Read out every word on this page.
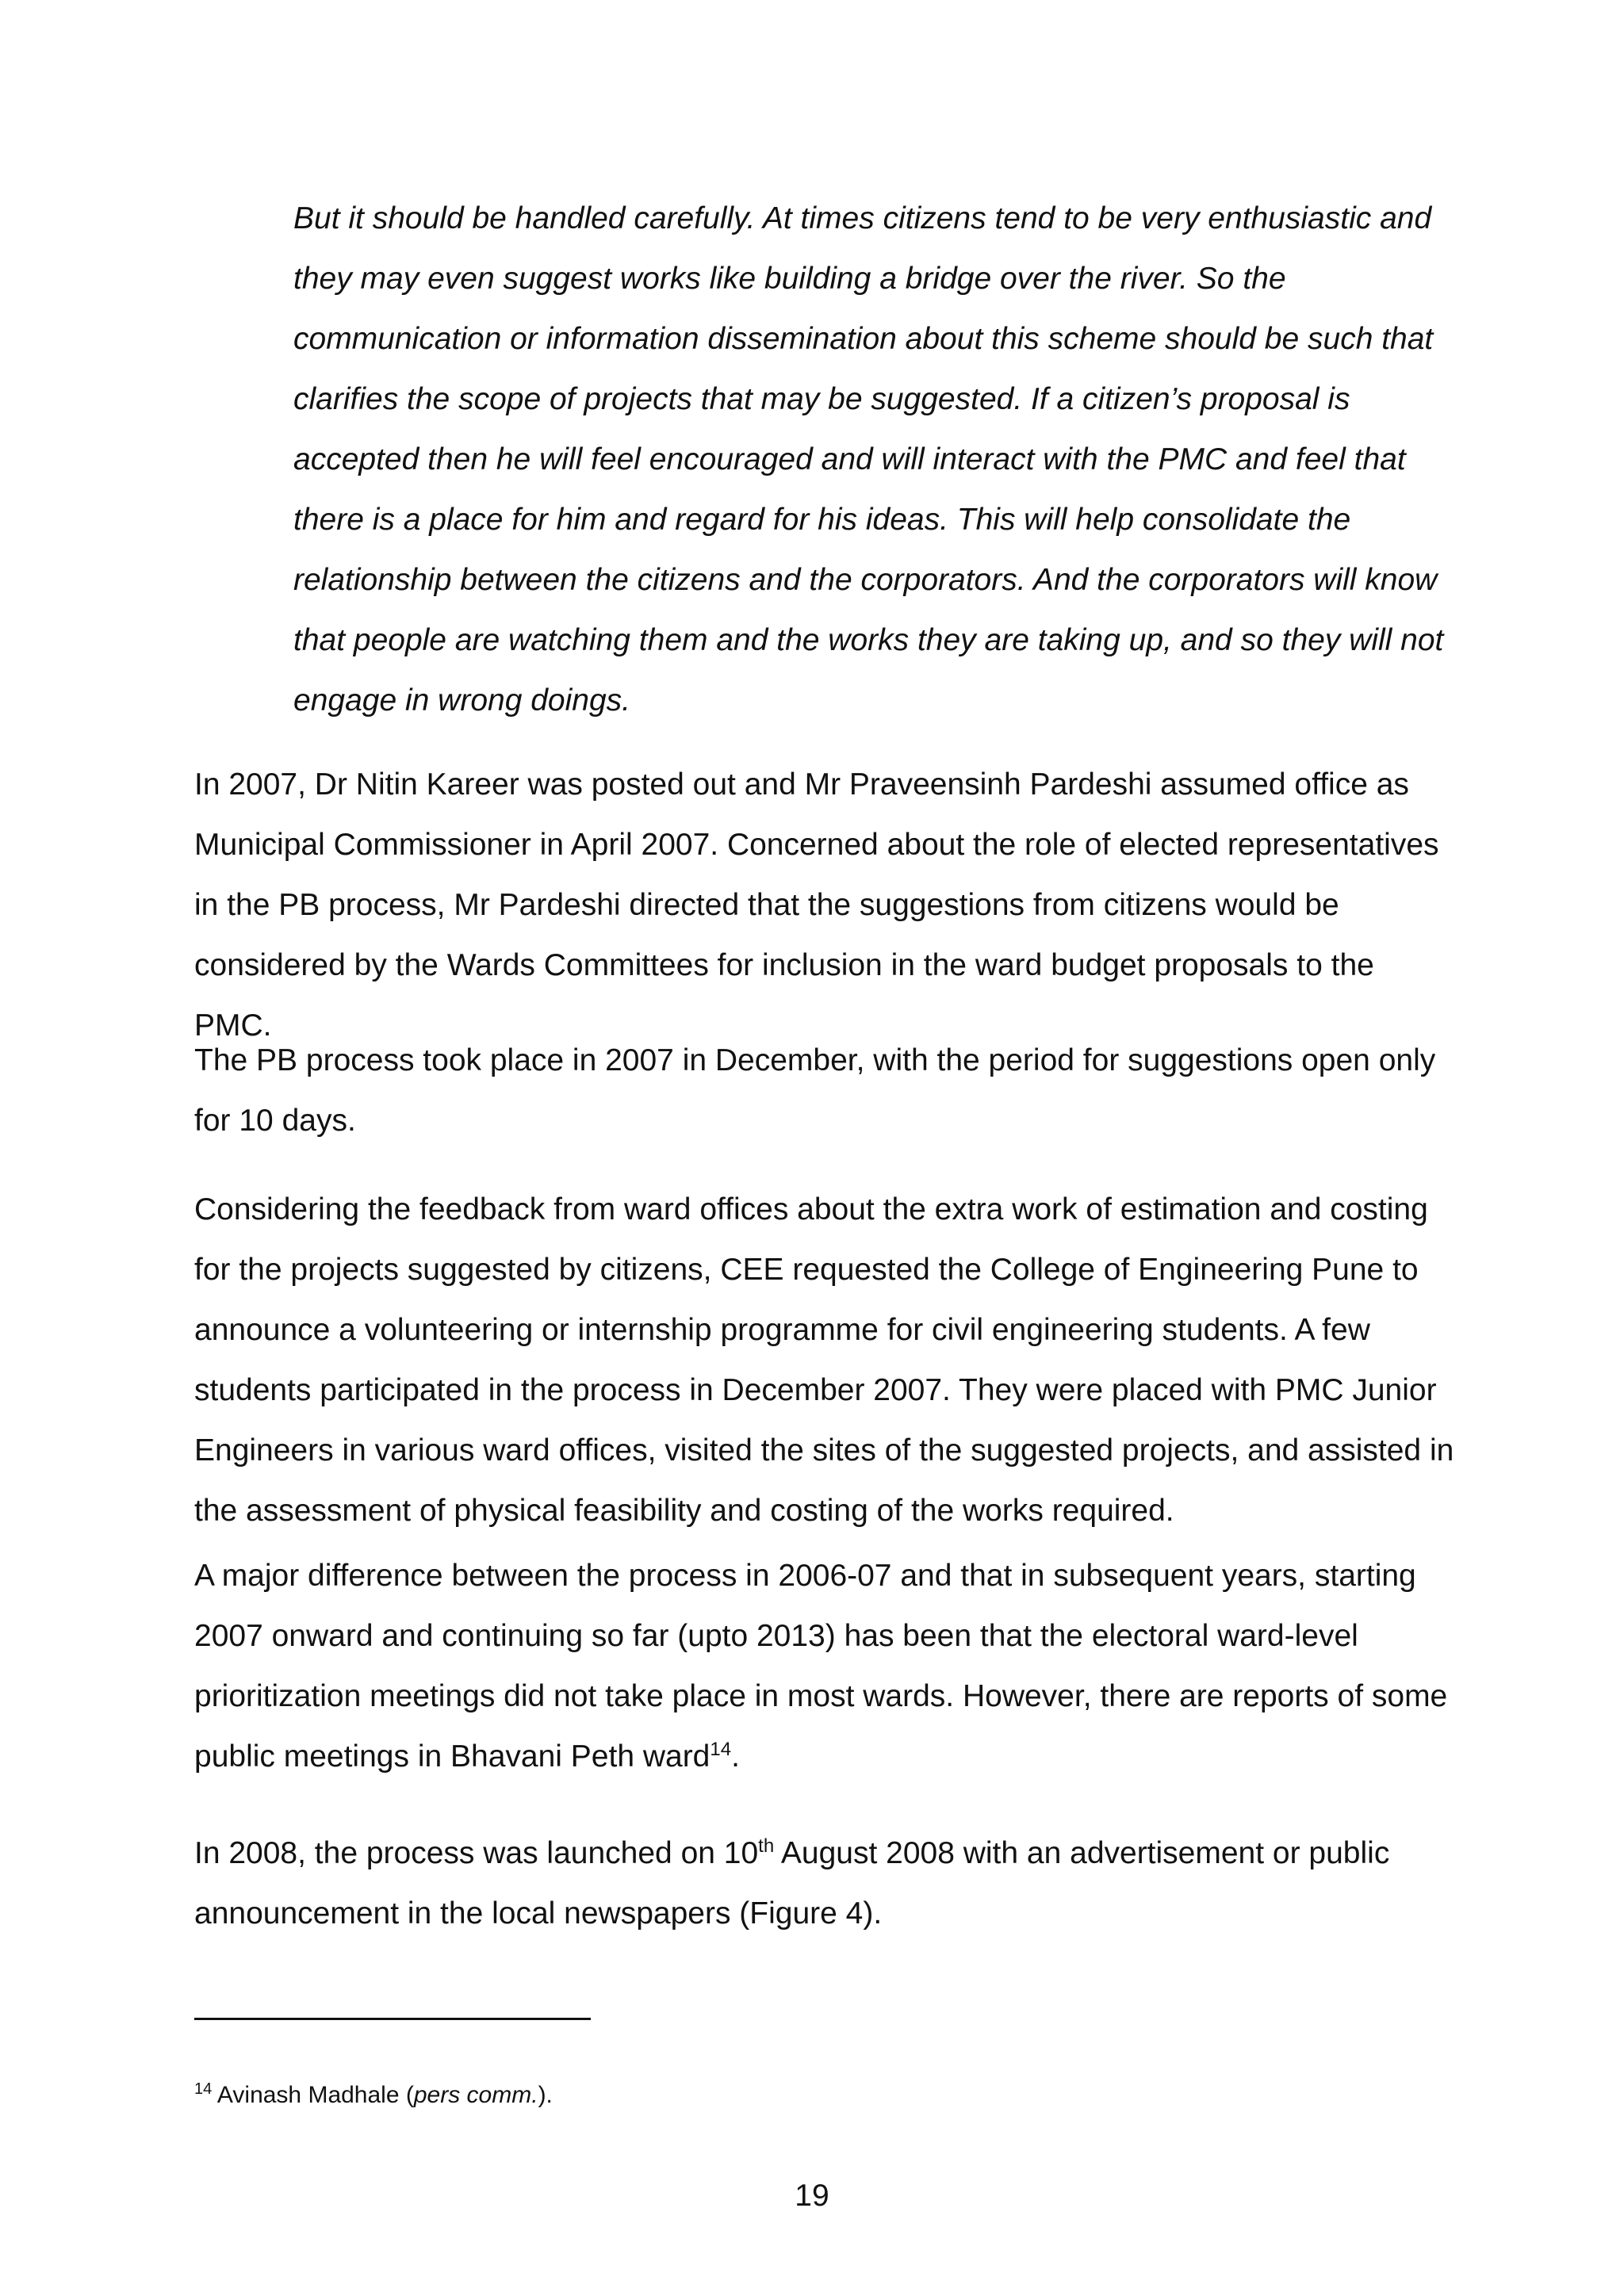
But it should be handled carefully. At times citizens tend to be very enthusiastic and they may even suggest works like building a bridge over the river. So the communication or information dissemination about this scheme should be such that clarifies the scope of projects that may be suggested. If a citizen’s proposal is accepted then he will feel encouraged and will interact with the PMC and feel that there is a place for him and regard for his ideas. This will help consolidate the relationship between the citizens and the corporators. And the corporators will know that people are watching them and the works they are taking up, and so they will not engage in wrong doings.

In 2007, Dr Nitin Kareer was posted out and Mr Praveensinh Pardeshi assumed office as Municipal Commissioner in April 2007. Concerned about the role of elected representatives in the PB process, Mr Pardeshi directed that the suggestions from citizens would be considered by the Wards Committees for inclusion in the ward budget proposals to the PMC.

The PB process took place in 2007 in December, with the period for suggestions open only for 10 days.

Considering the feedback from ward offices about the extra work of estimation and costing for the projects suggested by citizens, CEE requested the College of Engineering Pune to announce a volunteering or internship programme for civil engineering students. A few students participated in the process in December 2007. They were placed with PMC Junior Engineers in various ward offices, visited the sites of the suggested projects, and assisted in the assessment of physical feasibility and costing of the works required.

A major difference between the process in 2006-07 and that in subsequent years, starting 2007 onward and continuing so far (upto 2013) has been that the electoral ward-level prioritization meetings did not take place in most wards. However, there are reports of some public meetings in Bhavani Peth ward$^{14}$.

In 2008, the process was launched on 10th August 2008 with an advertisement or public announcement in the local newspapers (Figure 4).

$^{14}$ Avinash Madhale (pers comm.).

19
